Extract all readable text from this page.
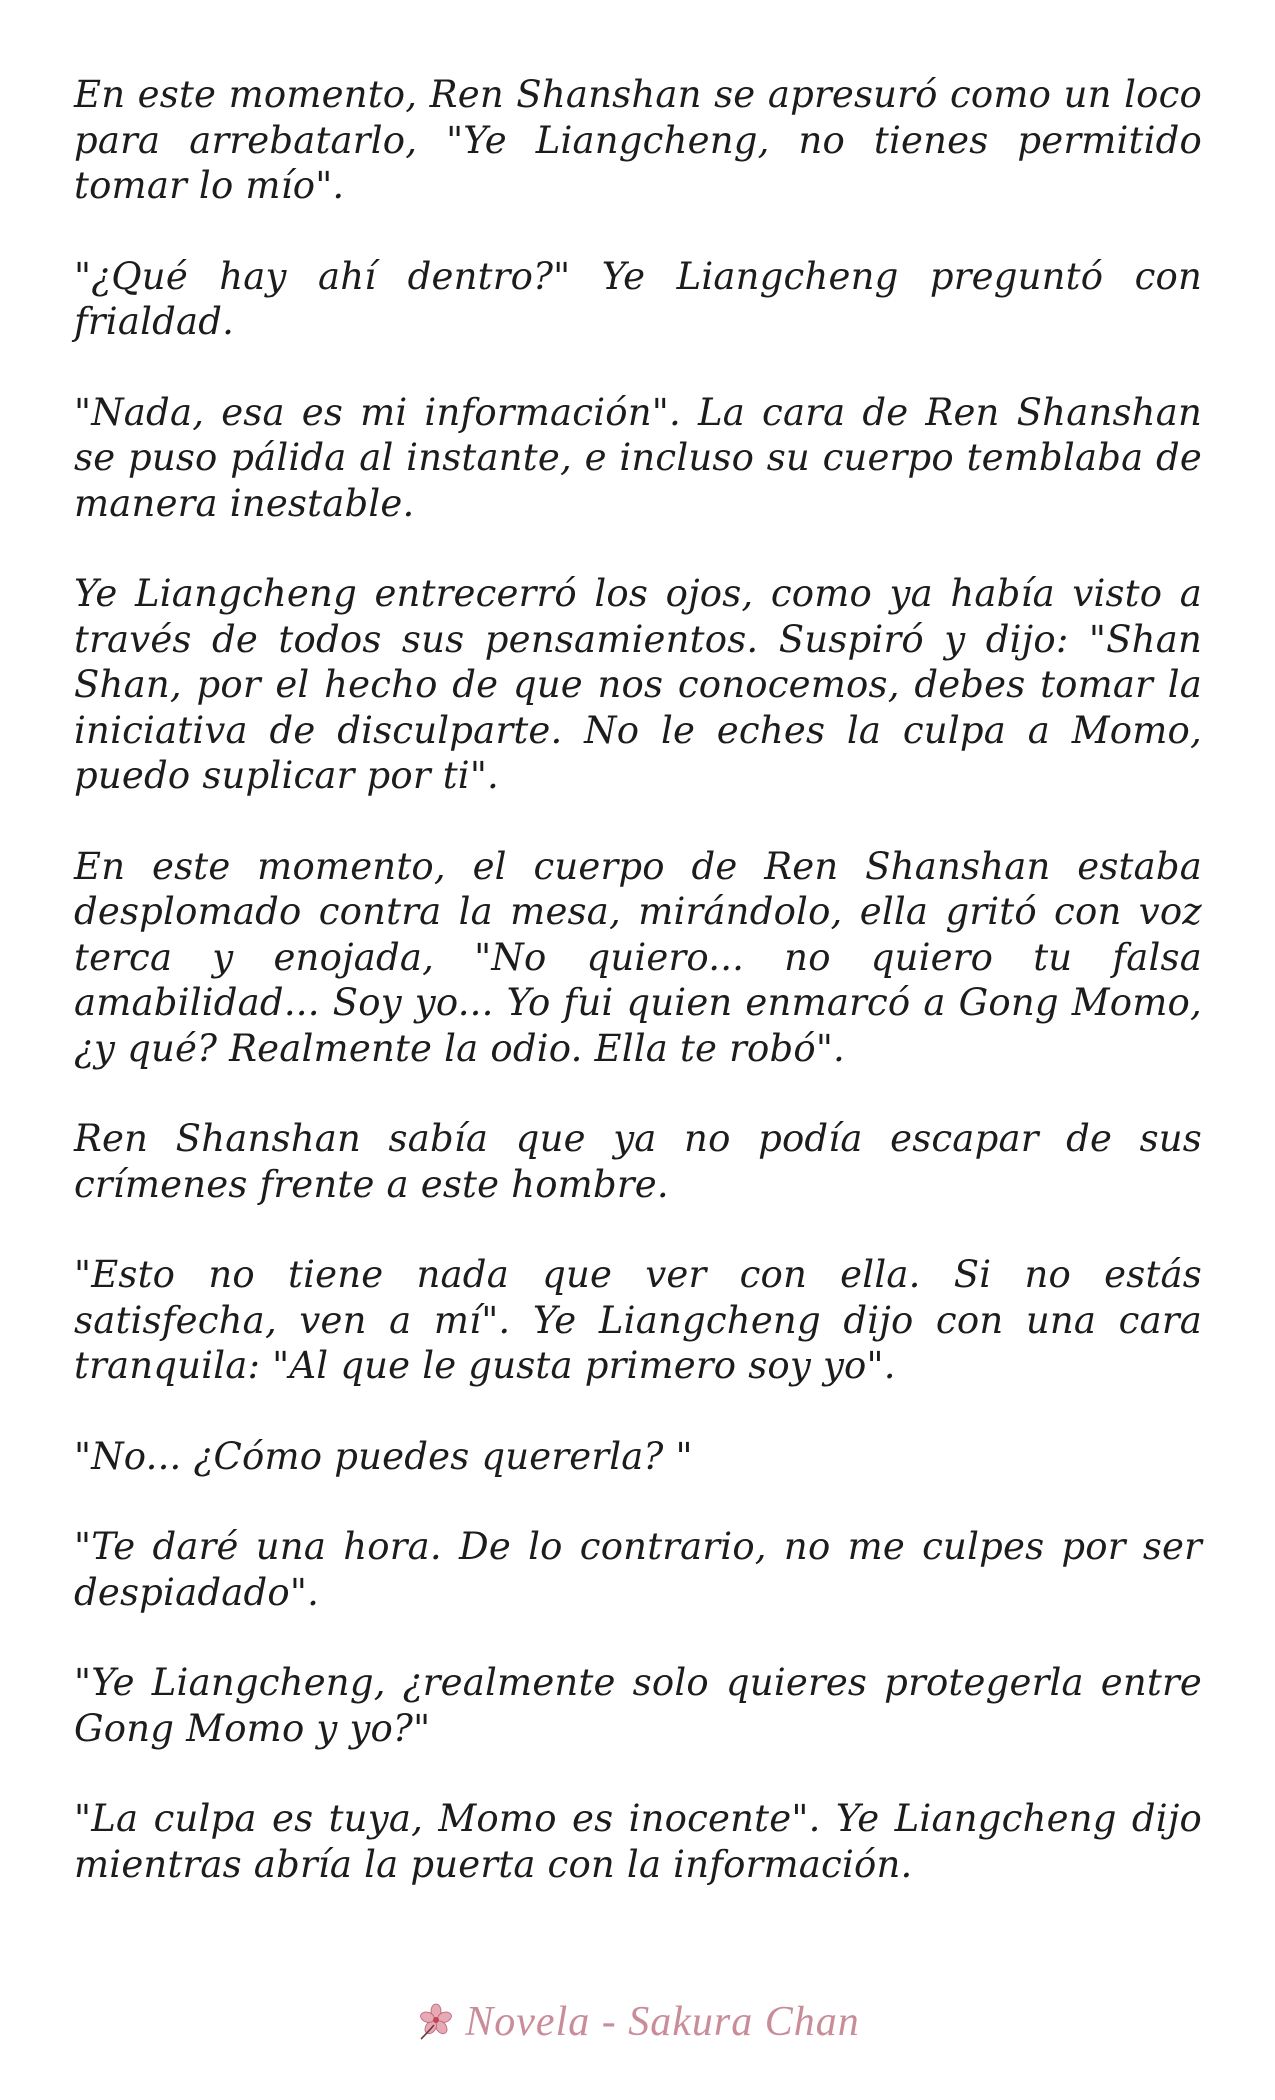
En este momento, Ren Shanshan se apresuró como un loco para arrebatarlo, "Ye Liangcheng, no tienes permitido tomar lo mío".

"¿Qué hay ahí dentro?" Ye Liangcheng preguntó con frialdad.

"Nada, esa es mi información". La cara de Ren Shanshan se puso pálida al instante, e incluso su cuerpo temblaba de manera inestable.

Ye Liangcheng entrecerró los ojos, como ya había visto a través de todos sus pensamientos. Suspiró y dijo: "Shan Shan, por el hecho de que nos conocemos, debes tomar la iniciativa de disculparte. No le eches la culpa a Momo, puedo suplicar por ti".

En este momento, el cuerpo de Ren Shanshan estaba desplomado contra la mesa, mirándolo, ella gritó con voz terca y enojada, "No quiero... no quiero tu falsa amabilidad... Soy yo... Yo fui quien enmarcó a Gong Momo, ¿y qué? Realmente la odio. Ella te robó".

Ren Shanshan sabía que ya no podía escapar de sus crímenes frente a este hombre.

"Esto no tiene nada que ver con ella. Si no estás satisfecha, ven a mí". Ye Liangcheng dijo con una cara tranquila: "Al que le gusta primero soy yo".

"No... ¿Cómo puedes quererla? "

"Te daré una hora. De lo contrario, no me culpes por ser despiadado".

"Ye Liangcheng, ¿realmente solo quieres protegerla entre Gong Momo y yo?"

"La culpa es tuya, Momo es inocente". Ye Liangcheng dijo mientras abría la puerta con la información.

Novela - Sakura Chan
